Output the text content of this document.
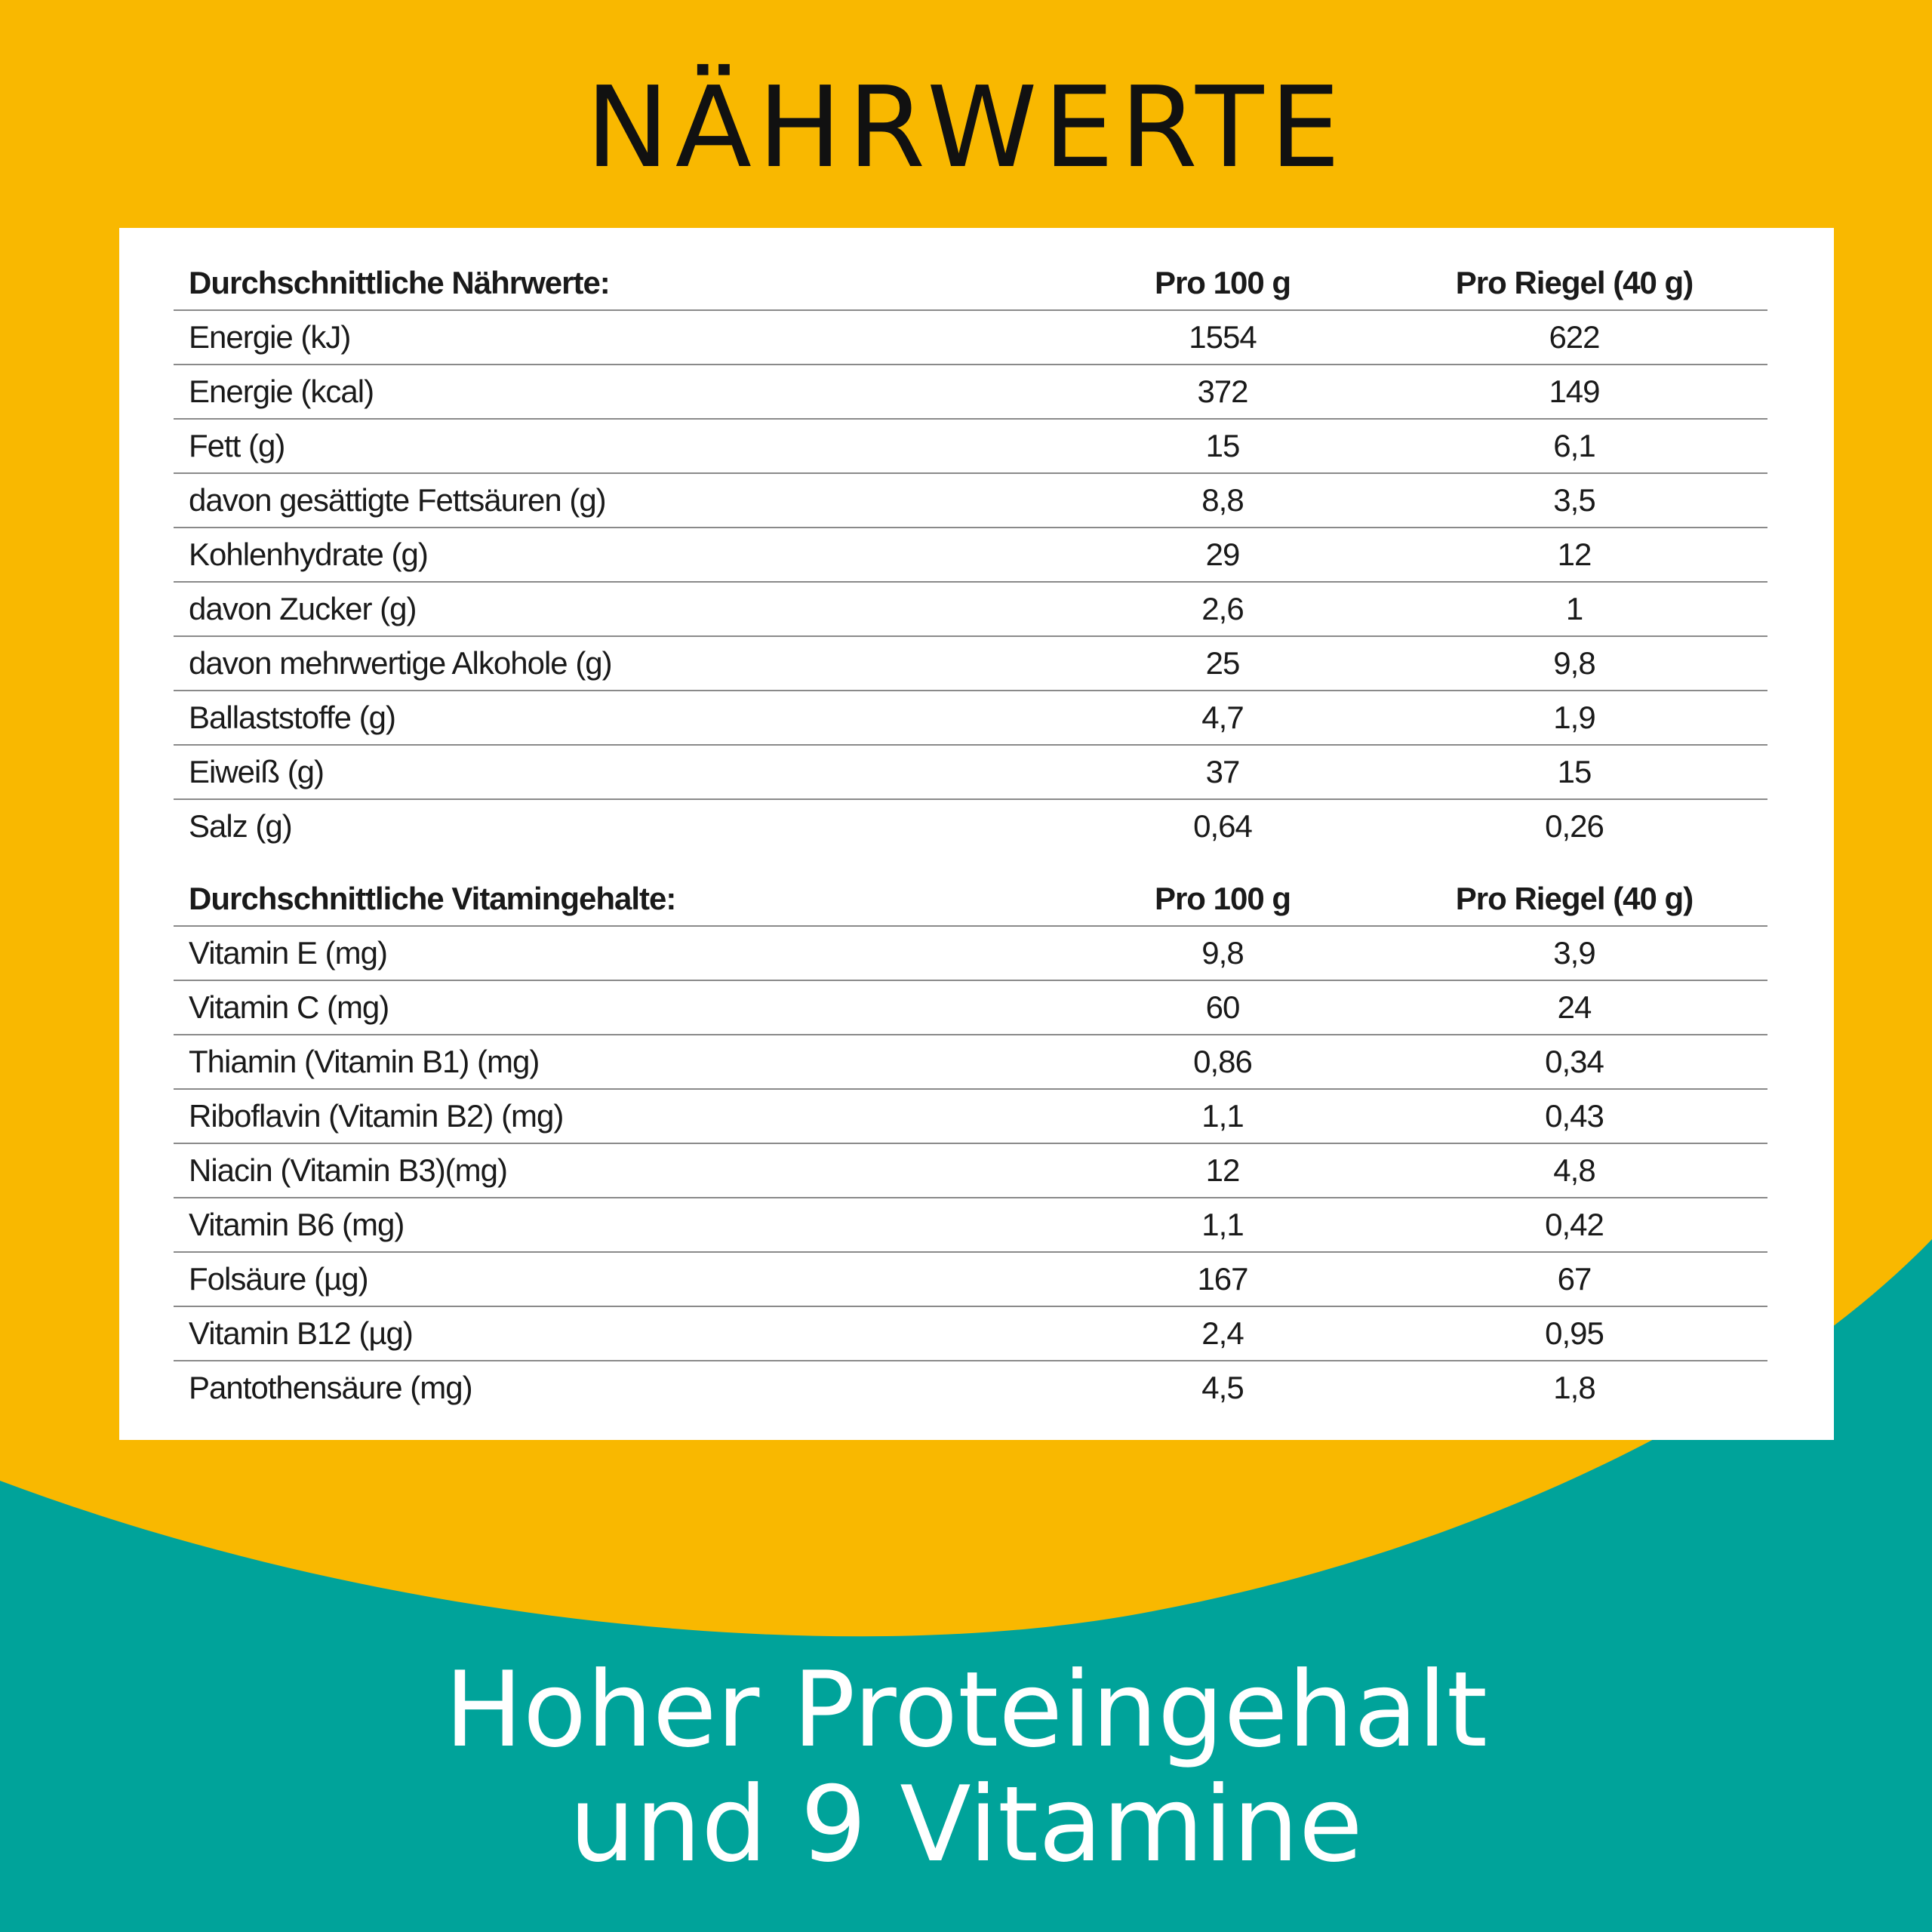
NÄHRWERTE
Durchschnittliche Nährwerte:	Pro 100 g	Pro Riegel (40 g)
Energie (kJ)	1554	622
Energie (kcal)	372	149
Fett (g)	15	6,1
davon gesättigte Fettsäuren (g)	8,8	3,5
Kohlenhydrate (g)	29	12
davon Zucker (g)	2,6	1
davon mehrwertige Alkohole (g)	25	9,8
Ballaststoffe (g)	4,7	1,9
Eiweiß (g)	37	15
Salz (g)	0,64	0,26
Durchschnittliche Vitamingehalte:	Pro 100 g	Pro Riegel (40 g)
Vitamin E (mg)	9,8	3,9
Vitamin C (mg)	60	24
Thiamin (Vitamin B1) (mg)	0,86	0,34
Riboflavin (Vitamin B2) (mg)	1,1	0,43
Niacin (Vitamin B3)(mg)	12	4,8
Vitamin B6 (mg)	1,1	0,42
Folsäure (µg)	167	67
Vitamin B12 (µg)	2,4	0,95
Pantothensäure (mg)	4,5	1,8
Hoher Proteingehalt
und 9 Vitamine
